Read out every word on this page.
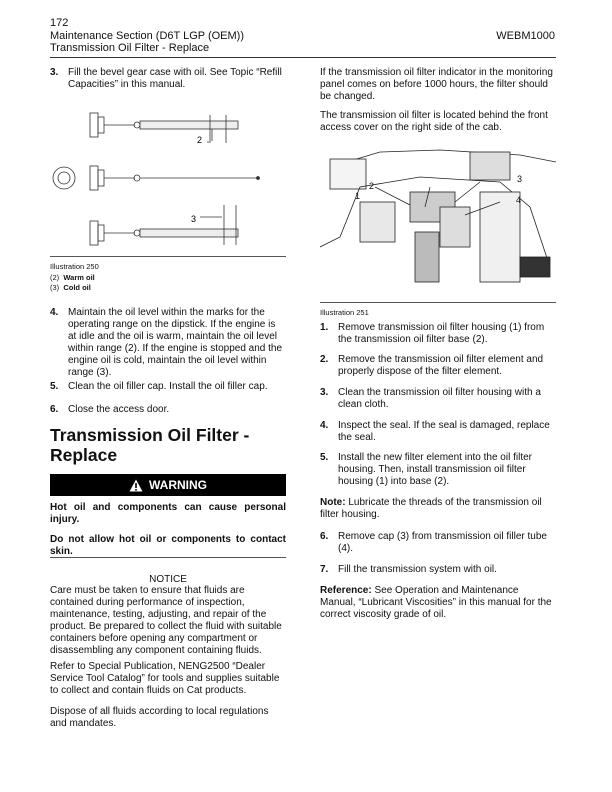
172
Maintenance Section (D6T LGP (OEM))
Transmission Oil Filter - Replace
WEBM1000
3. Fill the bevel gear case with oil. See Topic “Refill Capacities” in this manual.
2
3
Illustration 250
(2) Warm oil
(3) Cold oil
4. Maintain the oil level within the marks for the operating range on the dipstick. If the engine is at idle and the oil is warm, maintain the oil level within range (2). If the engine is stopped and the engine oil is cold, maintain the oil level within range (3).
5. Clean the oil filler cap. Install the oil filler cap.
6. Close the access door.
Transmission Oil Filter -
Replace
WARNING
Hot oil and components can cause personal injury.
Do not allow hot oil or components to contact skin.
NOTICE
Care must be taken to ensure that fluids are contained during performance of inspection, maintenance, testing, adjusting, and repair of the product. Be prepared to collect the fluid with suitable containers before opening any compartment or disassembling any component containing fluids.
Refer to Special Publication, NENG2500 “Dealer Service Tool Catalog” for tools and supplies suitable to collect and contain fluids on Cat products.
Dispose of all fluids according to local regulations and mandates.
If the transmission oil filter indicator in the monitoring panel comes on before 1000 hours, the filter should be changed.
The transmission oil filter is located behind the front access cover on the right side of the cab.
1
2
3
4
Illustration 251
1. Remove transmission oil filter housing (1) from the transmission oil filter base (2).
2. Remove the transmission oil filter element and properly dispose of the filter element.
3. Clean the transmission oil filter housing with a clean cloth.
4. Inspect the seal. If the seal is damaged, replace the seal.
5. Install the new filter element into the oil filter housing. Then, install transmission oil filter housing (1) into base (2).
Note: Lubricate the threads of the transmission oil filter housing.
6. Remove cap (3) from transmission oil filler tube (4).
7. Fill the transmission system with oil.
Reference: See Operation and Maintenance Manual, “Lubricant Viscosities” in this manual for the correct viscosity grade of oil.
